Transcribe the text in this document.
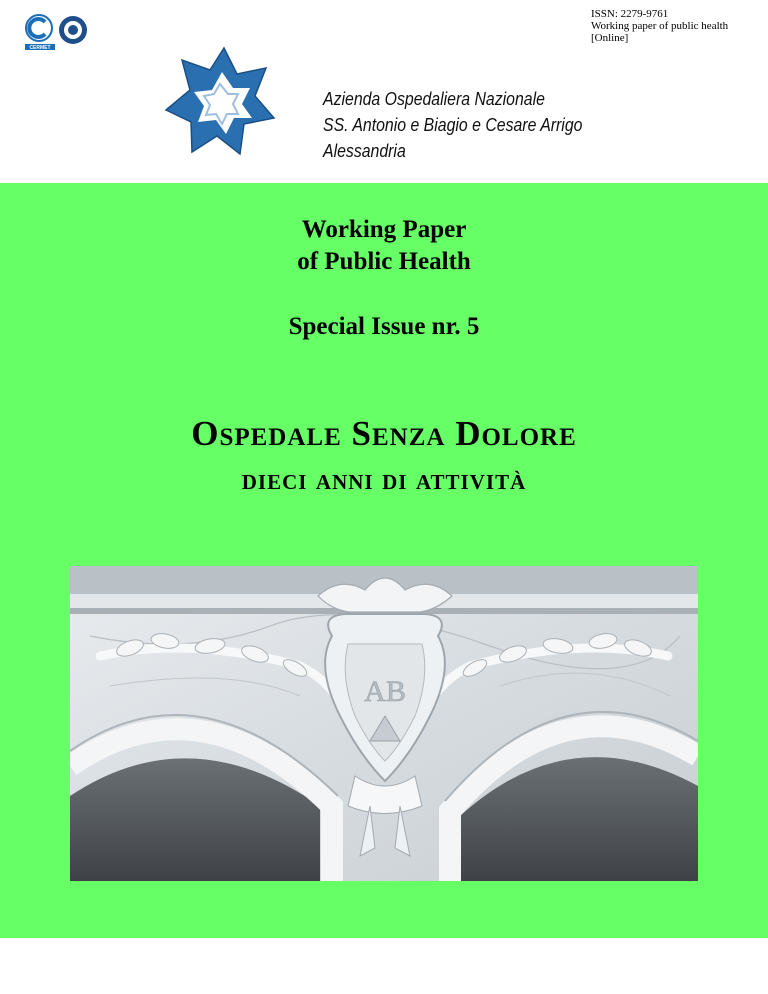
CERMET
ISSN: 2279-9761
Working paper of public health
[Online]
Azienda Ospedaliera Nazionale
SS. Antonio e Biagio e Cesare Arrigo
Alessandria
Working Paper
of Public Health
Special Issue nr. 5
Ospedale Senza Dolore
dieci anni di attività
AB
